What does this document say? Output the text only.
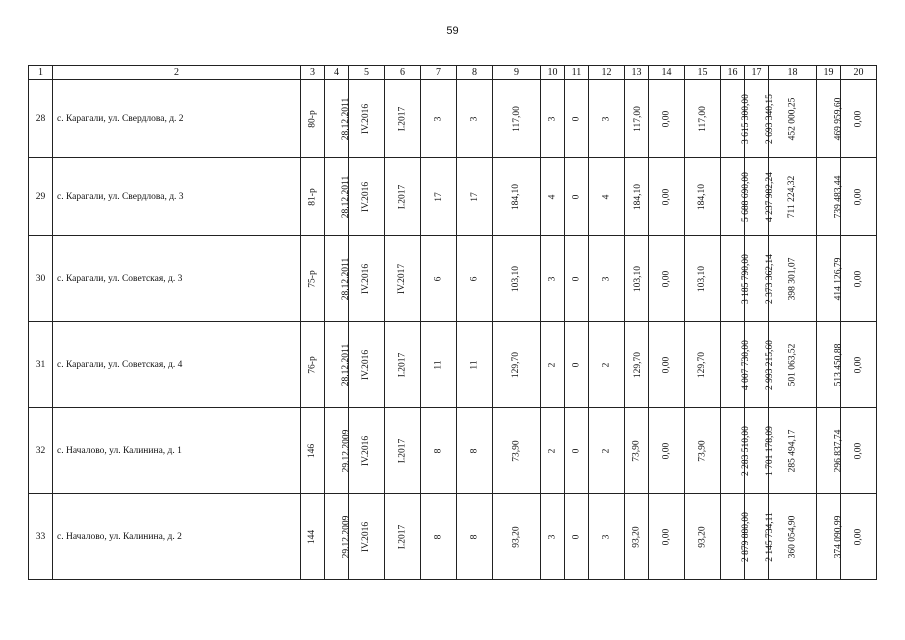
59
1	2	3	4	5	6	7	8	9	10	11	12	13	14	15	16	17	18	19	20
28	с. Карагали, ул. Свердлова, д. 2	80-р	28.12.2011	IV.2016	I.2017	3	3	117,00	3	0	3	117,00	0,00	117,00	3 615 300,00	2 693 340,15	452 000,25	469 959,60	0,00
29	с. Карагали, ул. Свердлова, д. 3	81-р	28.12.2011	IV.2016	I.2017	17	17	184,10	4	0	4	184,10	0,00	184,10	5 688 690,00	4 237 982,24	711 224,32	739 483,44	0,00
30	с. Карагали, ул. Советская, д. 3	75-р	28.12.2011	IV.2016	IV.2017	6	6	103,10	3	0	3	103,10	0,00	103,10	3 185 790,00	2 373 362,14	398 301,07	414 126,79	0,00
31	с. Карагали, ул. Советская, д. 4	76-р	28.12.2011	IV.2016	I.2017	11	11	129,70	2	0	2	129,70	0,00	129,70	4 007 730,00	2 993 215,60	501 063,52	513 450,88	0,00
32	с. Началово, ул. Калинина, д. 1	146	29.12.2009	IV.2016	I.2017	8	8	73,90	2	0	2	73,90	0,00	73,90	2 283 510,00	1 701 178,09	285 494,17	296 837,74	0,00
33	с. Началово, ул. Калинина, д. 2	144	29.12.2009	IV.2016	I.2017	8	8	93,20	3	0	3	93,20	0,00	93,20	2 879 880,00	2 145 734,11	360 054,90	374 090,99	0,00
